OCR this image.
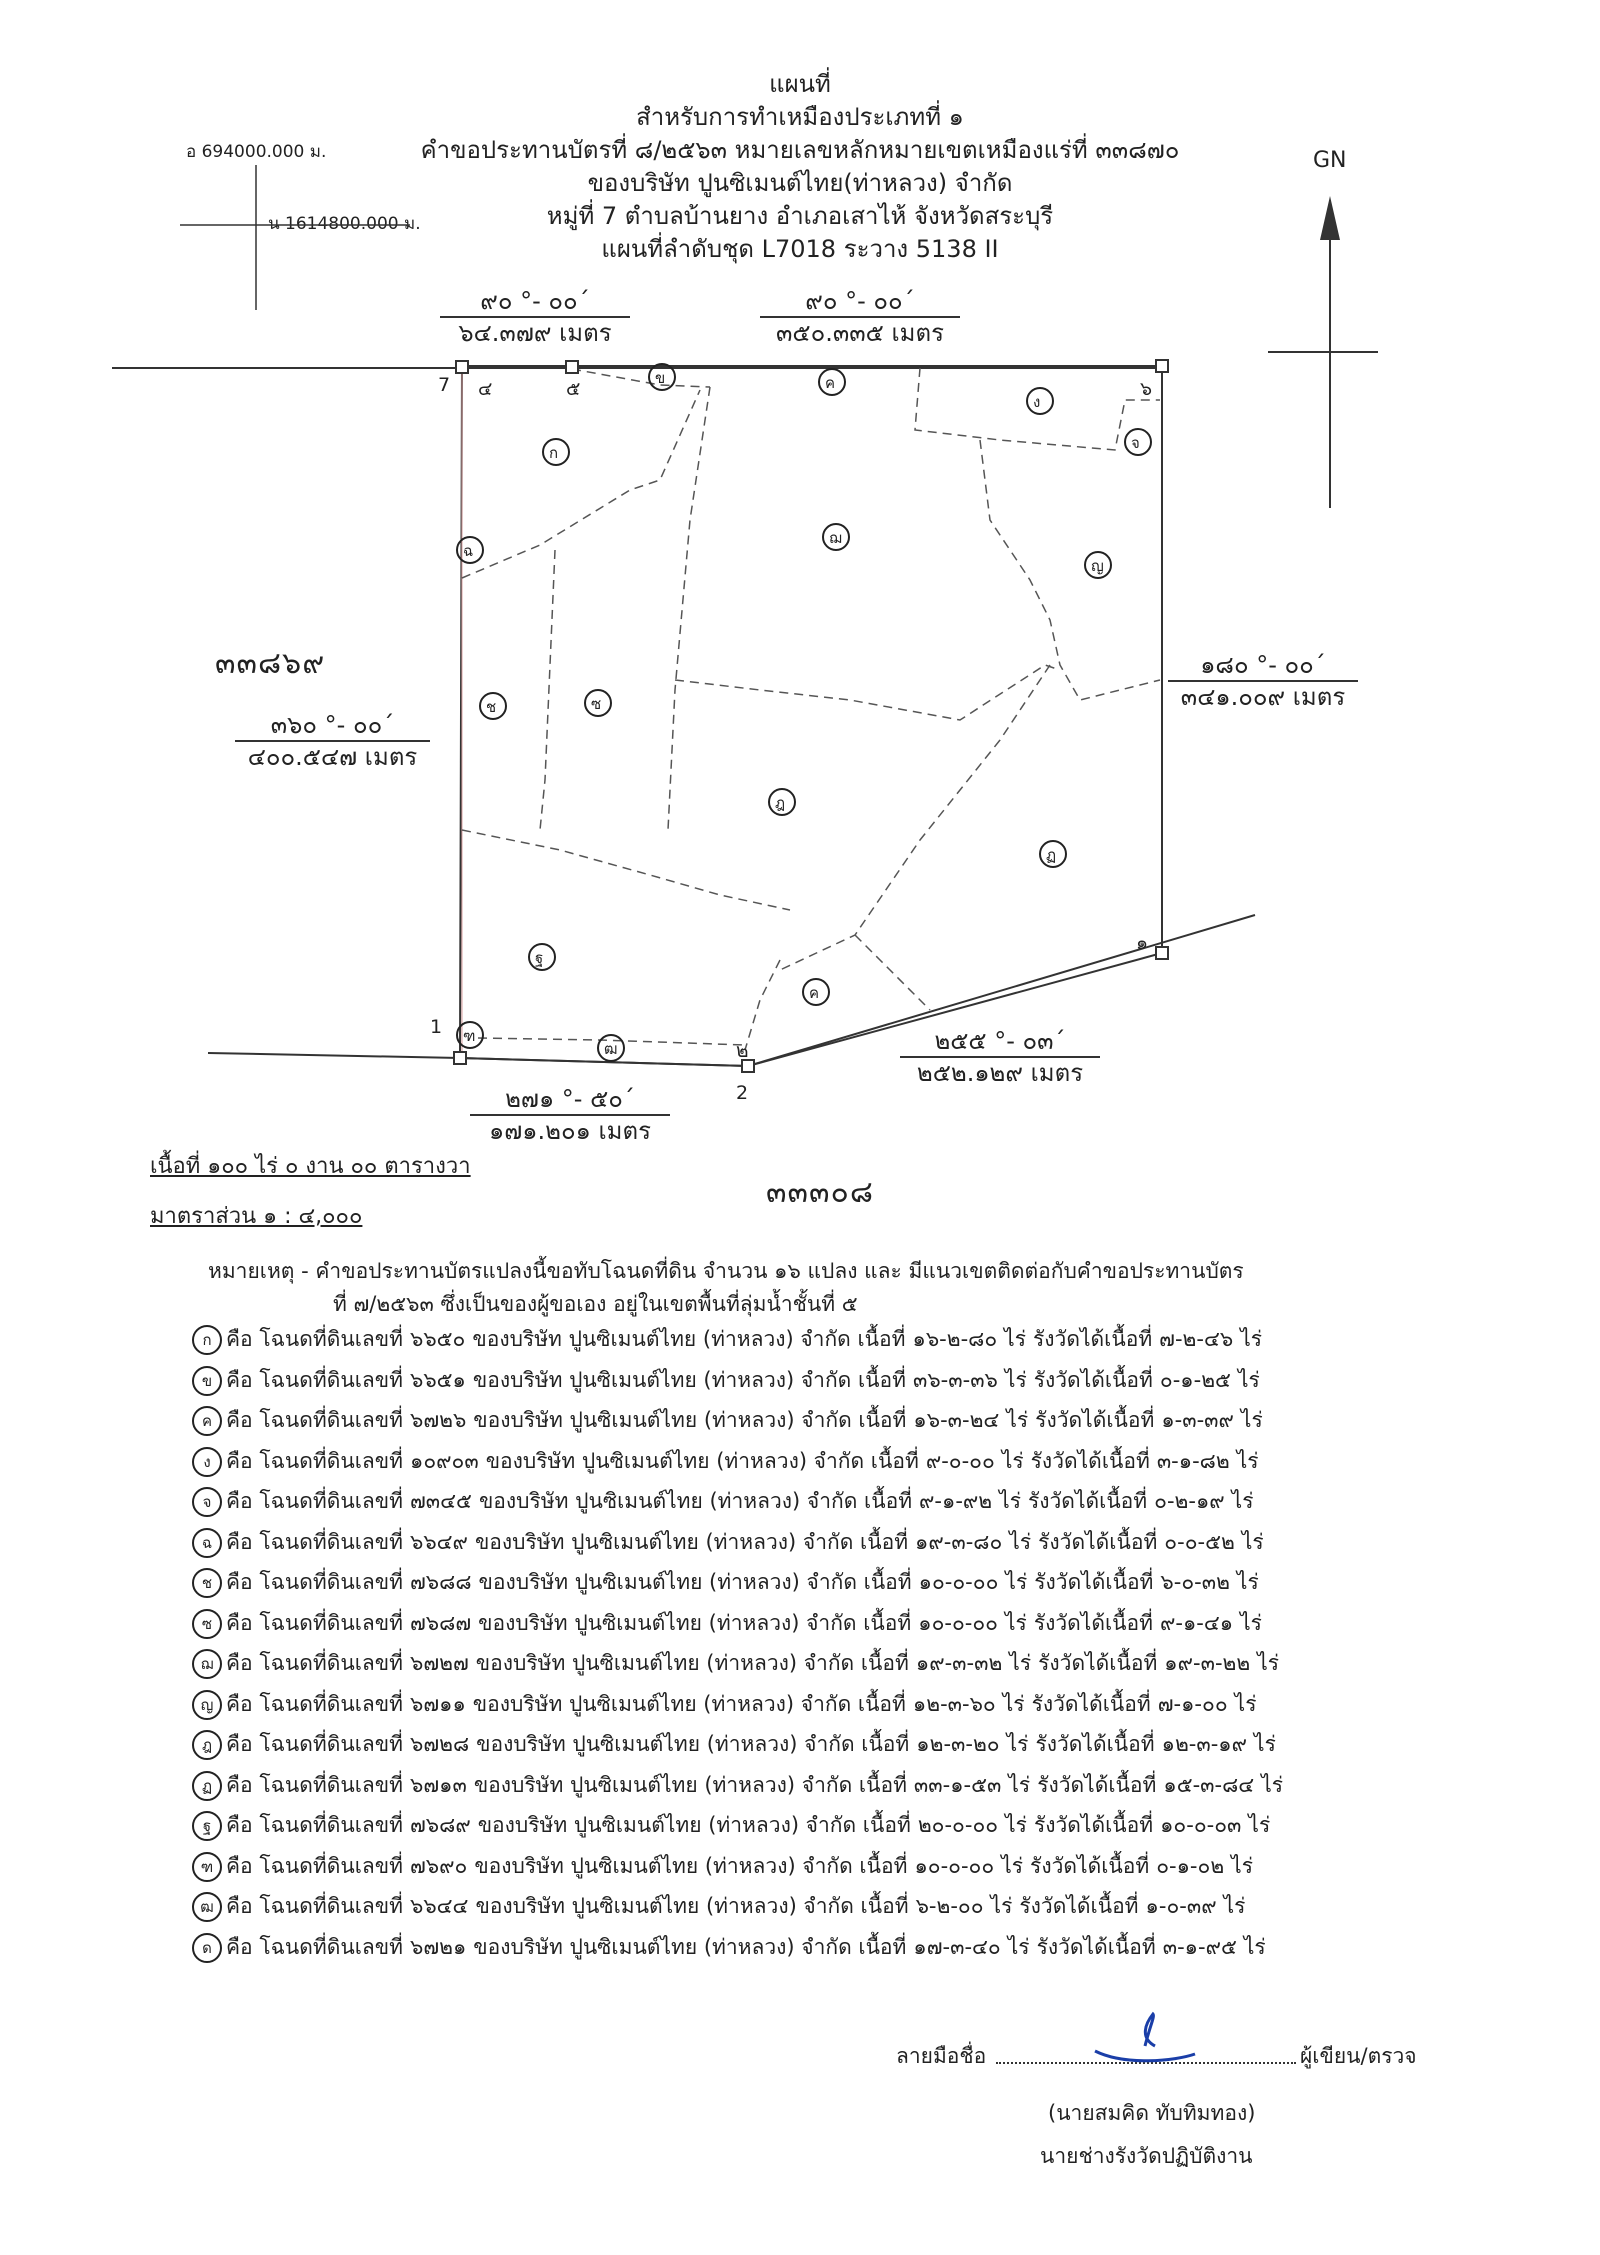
แผนที่
สำหรับการทำเหมืองประเภทที่ ๑
คำขอประทานบัตรที่ ๘/๒๕๖๓ หมายเลขหลักหมายเขตเหมืองแร่ที่ ๓๓๘๗๐
ของบริษัท ปูนซิเมนต์ไทย(ท่าหลวง) จำกัด
หมู่ที่ 7 ตำบลบ้านยาง อำเภอเสาไห้ จังหวัดสระบุรี
แผนที่ลำดับชุด L7018 ระวาง 5138 II
อ 694000.000 ม.
น 1614800.000 ม.
GN
ก
ฉ
ช	ซ
ข	ค
ง
จ
ฌ
ญ
ฎ
ฏ
ฐ
ค
ฒ
ฑ
7 ๔	๕	๖
๑
1
๒
2
๙๐ °- ๐๐´
๖๔.๓๗๙ เมตร
๙๐ °- ๐๐´
๓๕๐.๓๓๕ เมตร
๑๘๐ °- ๐๐´
๓๔๑.๐๐๙ เมตร
๓๖๐ °- ๐๐´
๔๐๐.๕๔๗ เมตร
๒๗๑ °- ๕๐´
๑๗๑.๒๐๑ เมตร
๒๕๕ °- ๐๓´
๒๕๒.๑๒๙ เมตร
๓๓๘๖๙
๓๓๓๐๘
เนื้อที่ ๑๐๐ ไร่ ๐ งาน ๐๐ ตารางวา
มาตราส่วน ๑ : ๔,๐๐๐
หมายเหตุ - คำขอประทานบัตรแปลงนี้ขอทับโฉนดที่ดิน จำนวน ๑๖ แปลง และ มีแนวเขตติดต่อกับคำขอประทานบัตร
ที่ ๗/๒๕๖๓ ซึ่งเป็นของผู้ขอเอง อยู่ในเขตพื้นที่ลุ่มน้ำชั้นที่ ๕
ก คือ โฉนดที่ดินเลขที่ ๖๖๕๐ ของบริษัท ปูนซิเมนต์ไทย (ท่าหลวง) จำกัด เนื้อที่ ๑๖-๒-๘๐ ไร่ รังวัดได้เนื้อที่ ๗-๒-๔๖ ไร่
ข คือ โฉนดที่ดินเลขที่ ๖๖๕๑ ของบริษัท ปูนซิเมนต์ไทย (ท่าหลวง) จำกัด เนื้อที่ ๓๖-๓-๓๖ ไร่ รังวัดได้เนื้อที่ ๐-๑-๒๕ ไร่
ค คือ โฉนดที่ดินเลขที่ ๖๗๒๖ ของบริษัท ปูนซิเมนต์ไทย (ท่าหลวง) จำกัด เนื้อที่ ๑๖-๓-๒๔ ไร่ รังวัดได้เนื้อที่ ๑-๓-๓๙ ไร่
ง คือ โฉนดที่ดินเลขที่ ๑๐๙๐๓ ของบริษัท ปูนซิเมนต์ไทย (ท่าหลวง) จำกัด เนื้อที่ ๙-๐-๐๐ ไร่ รังวัดได้เนื้อที่ ๓-๑-๘๒ ไร่
จ คือ โฉนดที่ดินเลขที่ ๗๓๔๕ ของบริษัท ปูนซิเมนต์ไทย (ท่าหลวง) จำกัด เนื้อที่ ๙-๑-๙๒ ไร่ รังวัดได้เนื้อที่ ๐-๒-๑๙ ไร่
ฉ คือ โฉนดที่ดินเลขที่ ๖๖๔๙ ของบริษัท ปูนซิเมนต์ไทย (ท่าหลวง) จำกัด เนื้อที่ ๑๙-๓-๘๐ ไร่ รังวัดได้เนื้อที่ ๐-๐-๕๒ ไร่
ช คือ โฉนดที่ดินเลขที่ ๗๖๘๘ ของบริษัท ปูนซิเมนต์ไทย (ท่าหลวง) จำกัด เนื้อที่ ๑๐-๐-๐๐ ไร่ รังวัดได้เนื้อที่ ๖-๐-๓๒ ไร่
ซ คือ โฉนดที่ดินเลขที่ ๗๖๘๗ ของบริษัท ปูนซิเมนต์ไทย (ท่าหลวง) จำกัด เนื้อที่ ๑๐-๐-๐๐ ไร่ รังวัดได้เนื้อที่ ๙-๑-๔๑ ไร่
ฌ คือ โฉนดที่ดินเลขที่ ๖๗๒๗ ของบริษัท ปูนซิเมนต์ไทย (ท่าหลวง) จำกัด เนื้อที่ ๑๙-๓-๓๒ ไร่ รังวัดได้เนื้อที่ ๑๙-๓-๒๒ ไร่
ญ คือ โฉนดที่ดินเลขที่ ๖๗๑๑ ของบริษัท ปูนซิเมนต์ไทย (ท่าหลวง) จำกัด เนื้อที่ ๑๒-๓-๖๐ ไร่ รังวัดได้เนื้อที่ ๗-๑-๐๐ ไร่
ฎ คือ โฉนดที่ดินเลขที่ ๖๗๒๘ ของบริษัท ปูนซิเมนต์ไทย (ท่าหลวง) จำกัด เนื้อที่ ๑๒-๓-๒๐ ไร่ รังวัดได้เนื้อที่ ๑๒-๓-๑๙ ไร่
ฏ คือ โฉนดที่ดินเลขที่ ๖๗๑๓ ของบริษัท ปูนซิเมนต์ไทย (ท่าหลวง) จำกัด เนื้อที่ ๓๓-๑-๕๓ ไร่ รังวัดได้เนื้อที่ ๑๕-๓-๘๔ ไร่
ฐ คือ โฉนดที่ดินเลขที่ ๗๖๘๙ ของบริษัท ปูนซิเมนต์ไทย (ท่าหลวง) จำกัด เนื้อที่ ๒๐-๐-๐๐ ไร่ รังวัดได้เนื้อที่ ๑๐-๐-๐๓ ไร่
ฑ คือ โฉนดที่ดินเลขที่ ๗๖๙๐ ของบริษัท ปูนซิเมนต์ไทย (ท่าหลวง) จำกัด เนื้อที่ ๑๐-๐-๐๐ ไร่ รังวัดได้เนื้อที่ ๐-๑-๐๒ ไร่
ฒ คือ โฉนดที่ดินเลขที่ ๖๖๔๔ ของบริษัท ปูนซิเมนต์ไทย (ท่าหลวง) จำกัด เนื้อที่ ๖-๒-๐๐ ไร่ รังวัดได้เนื้อที่ ๑-๐-๓๙ ไร่
ด คือ โฉนดที่ดินเลขที่ ๖๗๒๑ ของบริษัท ปูนซิเมนต์ไทย (ท่าหลวง) จำกัด เนื้อที่ ๑๗-๓-๔๐ ไร่ รังวัดได้เนื้อที่ ๓-๑-๙๕ ไร่
ลายมือชื่อ	ผู้เขียน/ตรวจ
(นายสมคิด ทับทิมทอง)
นายช่างรังวัดปฏิบัติงาน
